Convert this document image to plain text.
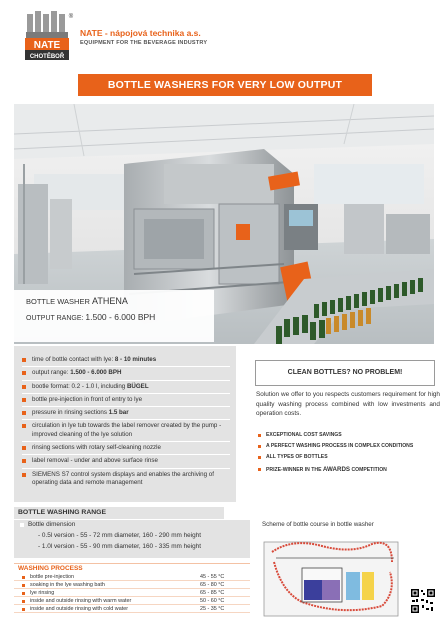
NATE
CHOTĚBOŘ
®
NATE - nápojová technika a.s.
EQUIPMENT FOR THE BEVERAGE INDUSTRY
BOTTLE WASHERS FOR VERY LOW OUTPUT
BOTTLE WASHER ATHENA
OUTPUT RANGE: 1.500 - 6.000 BPH
time of bottle contact with lye: 8 - 10 minutes
output range: 1.500 - 6.000 BPH
bootle format: 0.2 - 1.0 l, including BÜGEL
bottle pre-injection in front of entry to lye
pressure in rinsing sections 1.5 bar
circulation in lye tub towards the label remover created by the pump - improved cleaning of the lye solution
rinsing sections with rotary self-cleaning nozzle
label removal - under and above surface rinse
SIEMENS S7 control system displays and enables the archiving of operating data and remote management
CLEAN BOTTLES? NO PROBLEM!
Solution we offer to you respects customers requirement for high quality washing process combined with low investments and operation costs.
EXCEPTIONAL COST SAVINGS
A PERFECT WASHING PROCESS IN COMPLEX CONDITIONS
ALL TYPES OF BOTTLES
PRIZE-WINNER IN THE AWARDS COMPETITION
BOTTLE WASHING RANGE
Bottle dimension
- 0.5l version - 55 - 72 mm diameter, 160 - 290 mm height
- 1.0l version - 55 - 90 mm diameter, 160 - 335 mm height
WASHING PROCESS
bottle pre-injection	45 - 55 °C
soaking in the lye washing bath	65 - 80 °C
lye rinsing	65 - 85 °C
inside and outside rinsing with warm water	50 - 60 °C
inside and outside rinsing with cold water	25 - 35 °C
Scheme of bottle course in bottle washer
